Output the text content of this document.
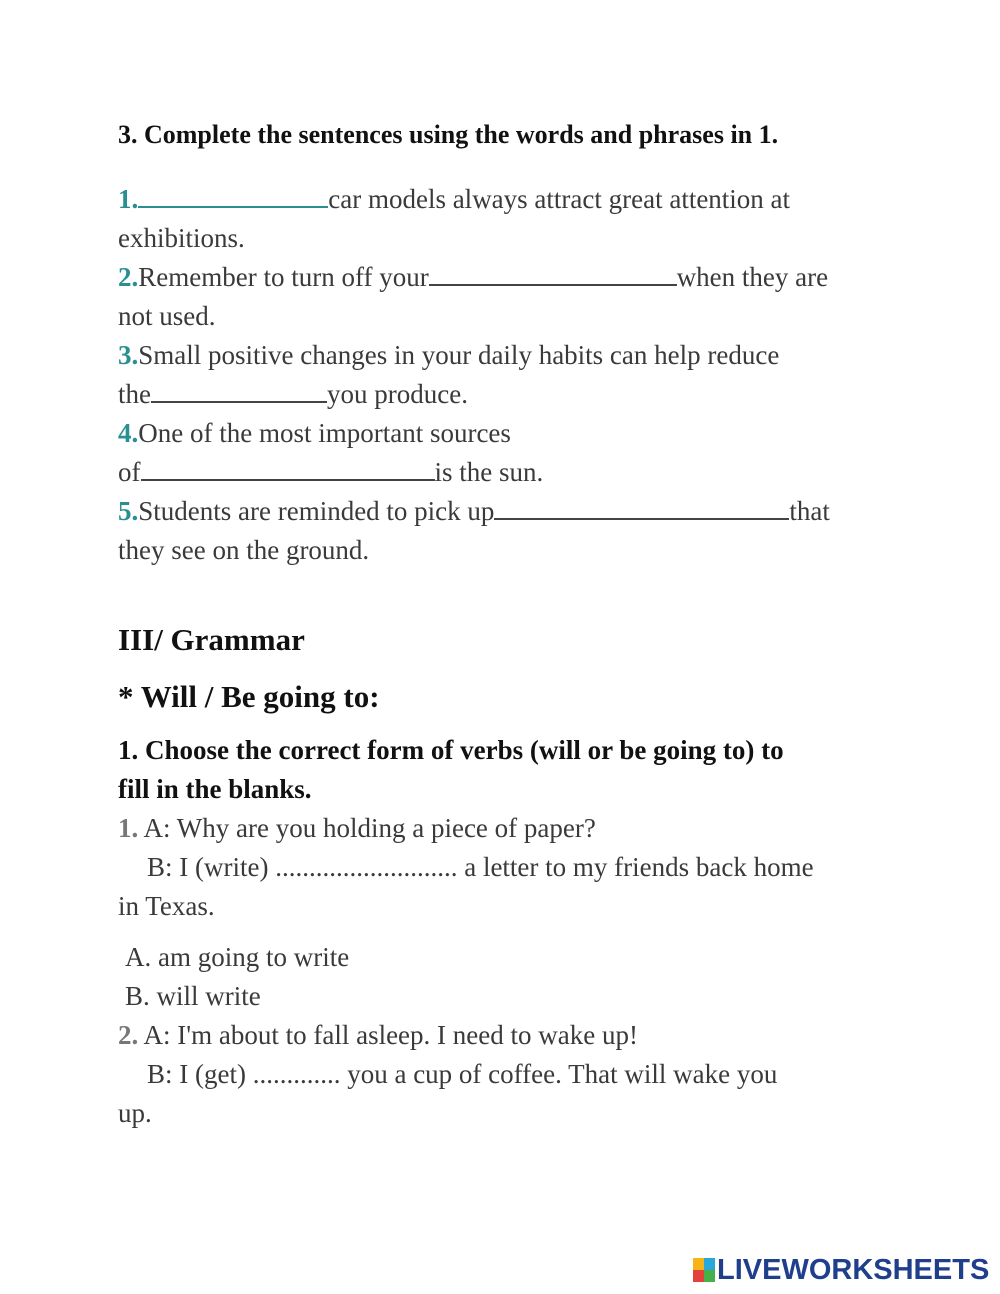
3. Complete the sentences using the words and phrases in 1.
1.	car models always attract great attention at
exhibitions.
2.Remember to turn off your	when they are
not used.
3.Small positive changes in your daily habits can help reduce
the	you produce.
4.One of the most important sources
of	is the sun.
5.Students are reminded to pick up	that
they see on the ground.
III/ Grammar
* Will / Be going to:
1. Choose the correct form of verbs (will or be going to) to
fill in the blanks.
1. A: Why are you holding a piece of paper?
B: I (write) ........................... a letter to my friends back home
in Texas.
A. am going to write
B. will write
2. A: I'm about to fall asleep. I need to wake up!
B: I (get) ............. you a cup of coffee. That will wake you
up.
LIVEWORKSHEETS
